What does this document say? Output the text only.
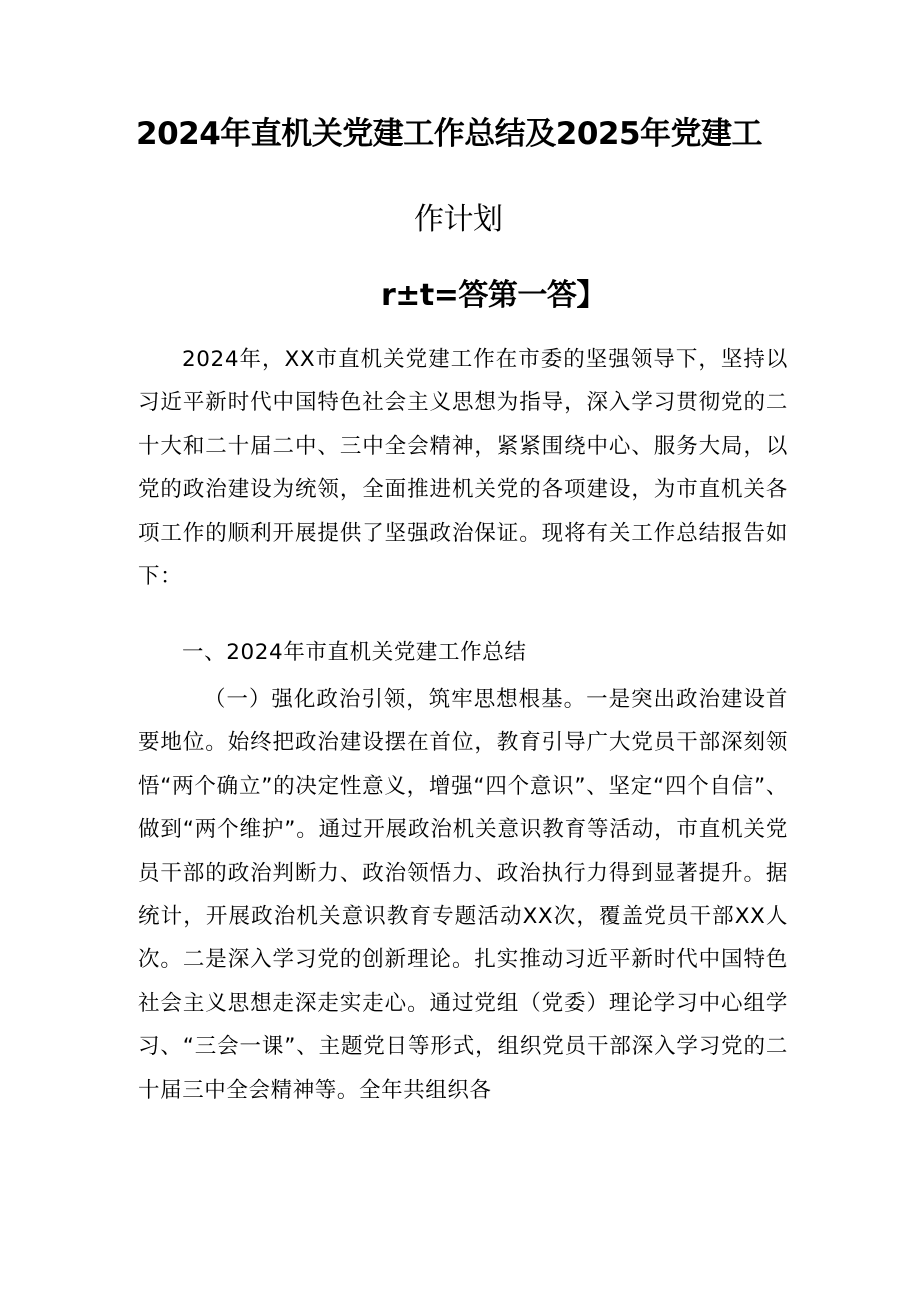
2024年直机关党建工作总结及2025年党建工
作计划
r±t=答第一答】
2024年，XX市直机关党建工作在市委的坚强领导下，坚持以习近平新时代中国特色社会主义思想为指导，深入学习贯彻党的二十大和二十届二中、三中全会精神，紧紧围绕中心、服务大局，以党的政治建设为统领，全面推进机关党的各项建设，为市直机关各项工作的顺利开展提供了坚强政治保证。现将有关工作总结报告如下：
一、2024年市直机关党建工作总结
（一）强化政治引领，筑牢思想根基。一是突出政治建设首要地位。始终把政治建设摆在首位，教育引导广大党员干部深刻领悟“两个确立”的决定性意义，增强“四个意识”、坚定“四个自信”、做到“两个维护”。通过开展政治机关意识教育等活动，市直机关党员干部的政治判断力、政治领悟力、政治执行力得到显著提升。据统计，开展政治机关意识教育专题活动XX次，覆盖党员干部XX人次。二是深入学习党的创新理论。扎实推动习近平新时代中国特色社会主义思想走深走实走心。通过党组（党委）理论学习中心组学习、“三会一课”、主题党日等形式，组织党员干部深入学习党的二十届三中全会精神等。全年共组织各
